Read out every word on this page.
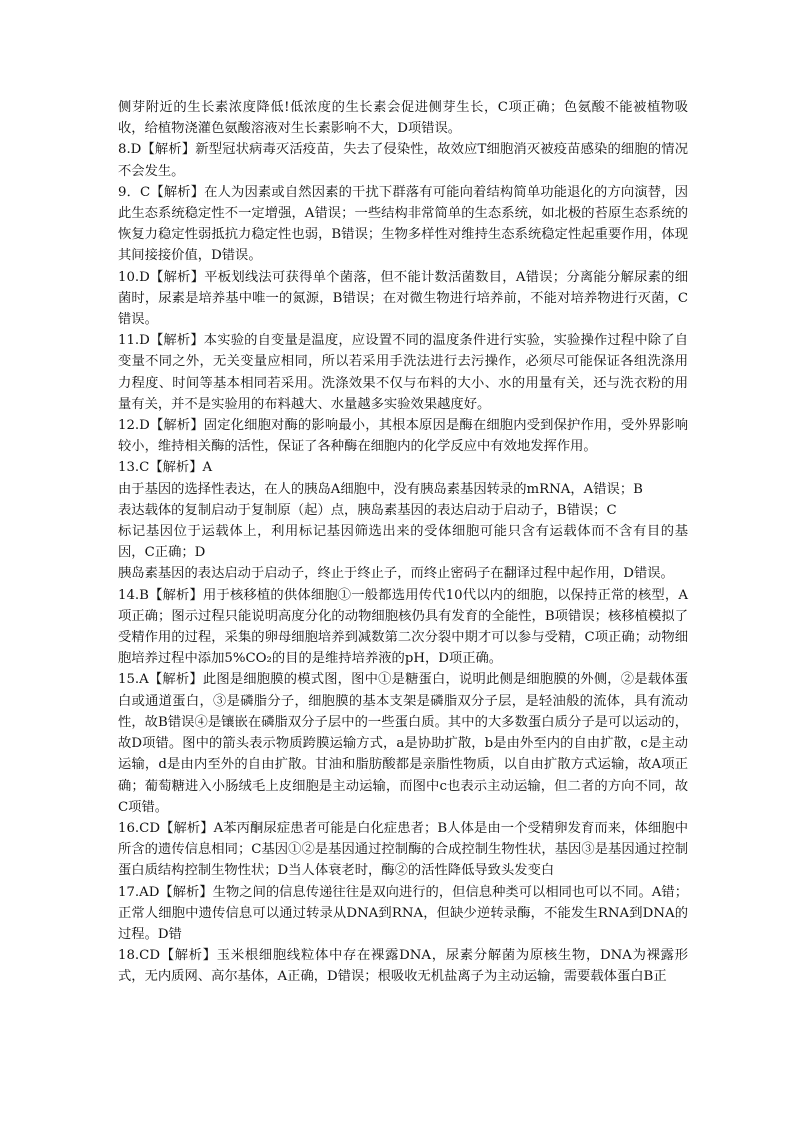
侧芽附近的生长素浓度降低!低浓度的生长素会促进侧芽生长，C项正确；色氨酸不能被植物吸收，给植物浇灌色氨酸溶液对生长素影响不大，D项错误。

8.D【解析】新型冠状病毒灭活疫苗，失去了侵染性，故效应T细胞消灭被疫苗感染的细胞的情况不会发生。

9．C【解析】在人为因素或自然因素的干扰下群落有可能向着结构简单功能退化的方向演替，因此生态系统稳定性不一定增强，A错误；一些结构非常简单的生态系统，如北极的苔原生态系统的恢复力稳定性弱抵抗力稳定性也弱，B错误；生物多样性对维持生态系统稳定性起重要作用，体现其间接接价值，D错误。

10.D【解析】平板划线法可获得单个菌落，但不能计数活菌数目，A错误；分离能分解尿素的细菌时，尿素是培养基中唯一的氮源，B错误；在对微生物进行培养前，不能对培养物进行灭菌，C错误。

11.D【解析】本实验的自变量是温度，应设置不同的温度条件进行实验，实验操作过程中除了自变量不同之外，无关变量应相同，所以若采用手洗法进行去污操作，必须尽可能保证各组洗涤用力程度、时间等基本相同若采用。洗涤效果不仅与布料的大小、水的用量有关，还与洗衣粉的用量有关，并不是实验用的布料越大、水量越多实验效果越度好。

12.D【解析】固定化细胞对酶的影响最小，其根本原因是酶在细胞内受到保护作用，受外界影响较小，维持相关酶的活性，保证了各种酶在细胞内的化学反应中有效地发挥作用。

13.C【解析】A

由于基因的选择性表达，在人的胰岛A细胞中，没有胰岛素基因转录的mRNA，A错误；B

表达载体的复制启动于复制原（起）点，胰岛素基因的表达启动于启动子，B错误；C

标记基因位于运载体上，利用标记基因筛选出来的受体细胞可能只含有运载体而不含有目的基因，C正确；D

胰岛素基因的表达启动于启动子，终止于终止子，而终止密码子在翻译过程中起作用，D错误。

14.B【解析】用于核移植的供体细胞①一般都选用传代10代以内的细胞，以保持正常的核型，A项正确；图示过程只能说明高度分化的动物细胞核仍具有发育的全能性，B项错误；核移植模拟了受精作用的过程，采集的卵母细胞培养到减数第二次分裂中期才可以参与受精，C项正确；动物细胞培养过程中添加5%CO₂的目的是维持培养液的pH，D项正确。

15.A【解析】此图是细胞膜的模式图，图中①是糖蛋白，说明此侧是细胞膜的外侧，②是载体蛋白或通道蛋白，③是磷脂分子，细胞膜的基本支架是磷脂双分子层，是轻油般的流体，具有流动性，故B错误④是镶嵌在磷脂双分子层中的一些蛋白质。其中的大多数蛋白质分子是可以运动的，故D项错。图中的箭头表示物质跨膜运输方式，a是协助扩散，b是由外至内的自由扩散，c是主动运输，d是由内至外的自由扩散。甘油和脂肪酸都是亲脂性物质，以自由扩散方式运输，故A项正确；葡萄糖进入小肠绒毛上皮细胞是主动运输，而图中c也表示主动运输，但二者的方向不同，故C项错。

16.CD【解析】A苯丙酮尿症患者可能是白化症患者；B人体是由一个受精卵发育而来，体细胞中所含的遗传信息相同；C基因①②是基因通过控制酶的合成控制生物性状，基因③是基因通过控制蛋白质结构控制生物性状；D当人体衰老时，酶②的活性降低导致头发变白

17.AD【解析】生物之间的信息传递往往是双向进行的，但信息种类可以相同也可以不同。A错；正常人细胞中遗传信息可以通过转录从DNA到RNA，但缺少逆转录酶，不能发生RNA到DNA的过程。D错

18.CD【解析】玉米根细胞线粒体中存在裸露DNA，尿素分解菌为原核生物，DNA为裸露形式，无内质网、高尔基体，A正确，D错误；根吸收无机盐离子为主动运输，需要载体蛋白B正
